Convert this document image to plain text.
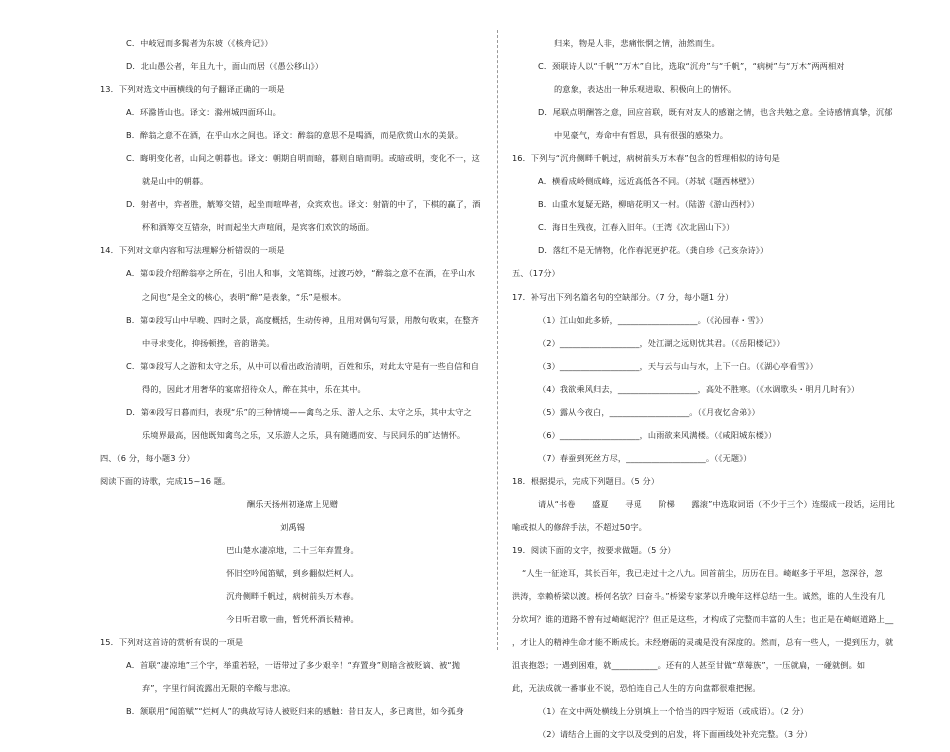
C．中岐冠而多髯者为东坡（《核舟记》）
D．北山愚公者，年且九十，面山而居（《愚公移山》）
13．下列对选文中画横线的句子翻译正确的一项是
A．环滁皆山也。译文：滁州城四面环山。
B．醉翁之意不在酒，在乎山水之间也。译文：醉翁的意思不是喝酒，而是欣赏山水的美景。
C．晦明变化者，山间之朝暮也。译文：朝期自明而暗，暮则自暗而明。或暗或明，变化不一，这
就是山中的朝暮。
D．射者中，弈者胜，觥筹交错，起坐而喧哗者，众宾欢也。译文：射箭的中了，下棋的赢了，酒
杯和酒筹交互错杂，时而起坐大声喧闹，是宾客们欢饮的场面。
14．下列对文章内容和写法理解分析错误的一项是
A．第①段介绍醉翁亭之所在，引出人和事，文笔简练，过渡巧妙，“醉翁之意不在酒，在乎山水
之间也”是全文的核心，表明“醉”是表象，“乐”是根本。
B．第②段写山中早晚、四时之景，高度概括，生动传神，且用对偶句写景，用散句收束，在整齐
中寻求变化，抑扬顿挫，音韵谐美。
C．第③段写人之游和太守之乐，从中可以看出政治清明，百姓和乐，对此太守是有一些自信和自
得的，因此才用奢华的宴席招待众人，醉在其中，乐在其中。
D．第④段写日暮而归，表现“乐”的三种情境——禽鸟之乐、游人之乐、太守之乐，其中太守之
乐境界最高，因他既知禽鸟之乐，又乐游人之乐，具有随遇而安、与民同乐的旷达情怀。
四、（6 分，每小题3 分）
阅读下面的诗歌，完成15~16 题。
酬乐天扬州初逢席上见赠
刘禹锡
巴山楚水凄凉地，二十三年弃置身。
怀旧空吟闻笛赋，到乡翻似烂柯人。
沉舟侧畔千帆过，病树前头万木春。
今日听君歌一曲，暂凭杯酒长精神。
15．下列对这首诗的赏析有误的一项是
A．首联“凄凉地”三个字，举重若轻，一语带过了多少艰辛！“弃置身”则暗含被贬谪、被“抛
弃”，字里行间流露出无限的辛酸与悲凉。
B．颔联用“闻笛赋”“烂柯人”的典故写诗人被贬归来的感触：昔日友人，多已离世，如今孤身
归来，物是人非，悲痛怅惘之情，油然而生。
C．颈联诗人以“千帆”“万木”自比，选取“沉舟”与“千帆”，“病树”与“万木”两两相对
的意象，表达出一种乐观进取、积极向上的情怀。
D．尾联点明酬答之意，回应首联，既有对友人的感谢之情，也含共勉之意。全诗感情真挚，沉郁
中见豪气，寿命中有哲思，具有很强的感染力。
16．下列与“沉舟侧畔千帆过，病树前头万木春”包含的哲理相似的诗句是
A．横看成岭侧成峰，远近高低各不同。（苏轼《题西林壁》）
B．山重水复疑无路，柳暗花明又一村。（陆游《游山西村》）
C．海日生残夜，江春入旧年。（王湾《次北固山下》）
D．落红不是无情物，化作春泥更护花。（龚自珍《己亥杂诗》）
五、（17分）
17．补写出下列名篇名句的空缺部分。（7 分，每小题1 分）
（1）江山如此多娇，___________________。（《沁园春・雪》）
（2）___________________，处江湖之远则忧其君。（《岳阳楼记》）
（3）___________________，天与云与山与水，上下一白。（《湖心亭看雪》）
（4）我欲乘风归去，___________________，高处不胜寒。（《水调歌头・明月几时有》）
（5）露从今夜白，___________________。（《月夜忆舍弟》）
（6）___________________，山雨欲来风满楼。（《咸阳城东楼》）
（7）春蚕到死丝方尽，___________________。（《无题》）
18．根据提示，完成下列题目。（5 分）
请从“书卷　　盛夏　　寻觅　　阶梯　　露滚”中选取词语（不少于三个）连缀成一段话，运用比
喻或拟人的修辞手法，不超过50字。
19．阅读下面的文字，按要求做题。（5 分）
“人生一征途耳，其长百年，我已走过十之八九。回首前尘，历历在目。崎岖多于平坦，忽深谷，忽
洪涛，幸赖桥梁以渡。桥何名欤？曰奋斗。”桥梁专家茅以升晚年这样总结一生。诚然，谁的人生没有几
分坎坷？谁的道路不曾有过崎岖泥泞？但正是这些，才构成了完整而丰富的人生；也正是在崎岖道路上__
，才让人的精神生命才能不断成长。未经磨砺的灵魂是没有深度的。然而，总有一些人，一提到压力，就
沮丧抱怨；一遇到困难，就___________。还有的人甚至甘做“草莓族”，一压就扁，一碰就倒。如
此，无法成就一番事业不说，恐怕连自己人生的方向盘都很难把握。
（1）在文中两处横线上分别填上一个恰当的四字短语（或成语）。（2 分）
（2）请结合上面的文字以及受到的启发，将下面画线处补充完整。（3 分）
